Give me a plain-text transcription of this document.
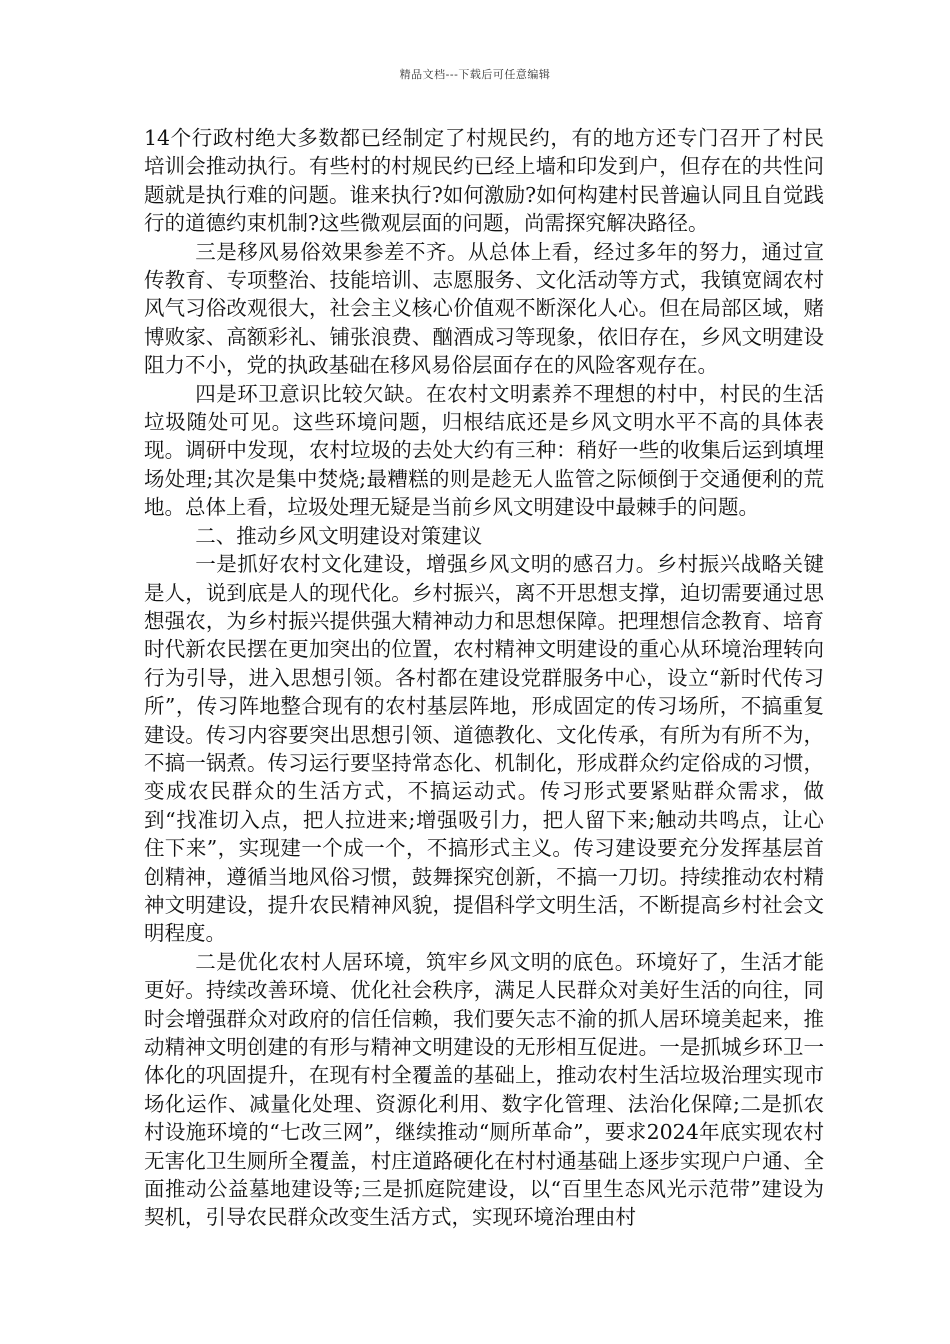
精品文档---下载后可任意编辑

14个行政村绝大多数都已经制定了村规民约，有的地方还专门召开了村民培训会推动执行。有些村的村规民约已经上墙和印发到户，但存在的共性问题就是执行难的问题。谁来执行?如何激励?如何构建村民普遍认同且自觉践行的道德约束机制?这些微观层面的问题，尚需探究解决路径。

三是移风易俗效果参差不齐。从总体上看，经过多年的努力，通过宣传教育、专项整治、技能培训、志愿服务、文化活动等方式，我镇宽阔农村风气习俗改观很大，社会主义核心价值观不断深化人心。但在局部区域，赌博败家、高额彩礼、铺张浪费、酗酒成习等现象，依旧存在，乡风文明建设阻力不小，党的执政基础在移风易俗层面存在的风险客观存在。

四是环卫意识比较欠缺。在农村文明素养不理想的村中，村民的生活垃圾随处可见。这些环境问题，归根结底还是乡风文明水平不高的具体表现。调研中发现，农村垃圾的去处大约有三种：稍好一些的收集后运到填埋场处理;其次是集中焚烧;最糟糕的则是趁无人监管之际倾倒于交通便利的荒地。总体上看，垃圾处理无疑是当前乡风文明建设中最棘手的问题。

二、推动乡风文明建设对策建议

一是抓好农村文化建设，增强乡风文明的感召力。乡村振兴战略关键是人，说到底是人的现代化。乡村振兴，离不开思想支撑，迫切需要通过思想强农，为乡村振兴提供强大精神动力和思想保障。把理想信念教育、培育时代新农民摆在更加突出的位置，农村精神文明建设的重心从环境治理转向行为引导，进入思想引领。各村都在建设党群服务中心，设立“新时代传习所”，传习阵地整合现有的农村基层阵地，形成固定的传习场所，不搞重复建设。传习内容要突出思想引领、道德教化、文化传承，有所为有所不为，不搞一锅煮。传习运行要坚持常态化、机制化，形成群众约定俗成的习惯，变成农民群众的生活方式，不搞运动式。传习形式要紧贴群众需求，做到“找准切入点，把人拉进来;增强吸引力，把人留下来;触动共鸣点，让心住下来”，实现建一个成一个，不搞形式主义。传习建设要充分发挥基层首创精神，遵循当地风俗习惯，鼓舞探究创新，不搞一刀切。持续推动农村精神文明建设，提升农民精神风貌，提倡科学文明生活，不断提高乡村社会文明程度。

二是优化农村人居环境，筑牢乡风文明的底色。环境好了，生活才能更好。持续改善环境、优化社会秩序，满足人民群众对美好生活的向往，同时会增强群众对政府的信任信赖，我们要矢志不渝的抓人居环境美起来，推动精神文明创建的有形与精神文明建设的无形相互促进。一是抓城乡环卫一体化的巩固提升，在现有村全覆盖的基础上，推动农村生活垃圾治理实现市场化运作、减量化处理、资源化利用、数字化管理、法治化保障;二是抓农村设施环境的“七改三网”，继续推动“厕所革命”，要求2024年底实现农村无害化卫生厕所全覆盖，村庄道路硬化在村村通基础上逐步实现户户通、全面推动公益墓地建设等;三是抓庭院建设，以“百里生态风光示范带”建设为契机，引导农民群众改变生活方式，实现环境治理由村
